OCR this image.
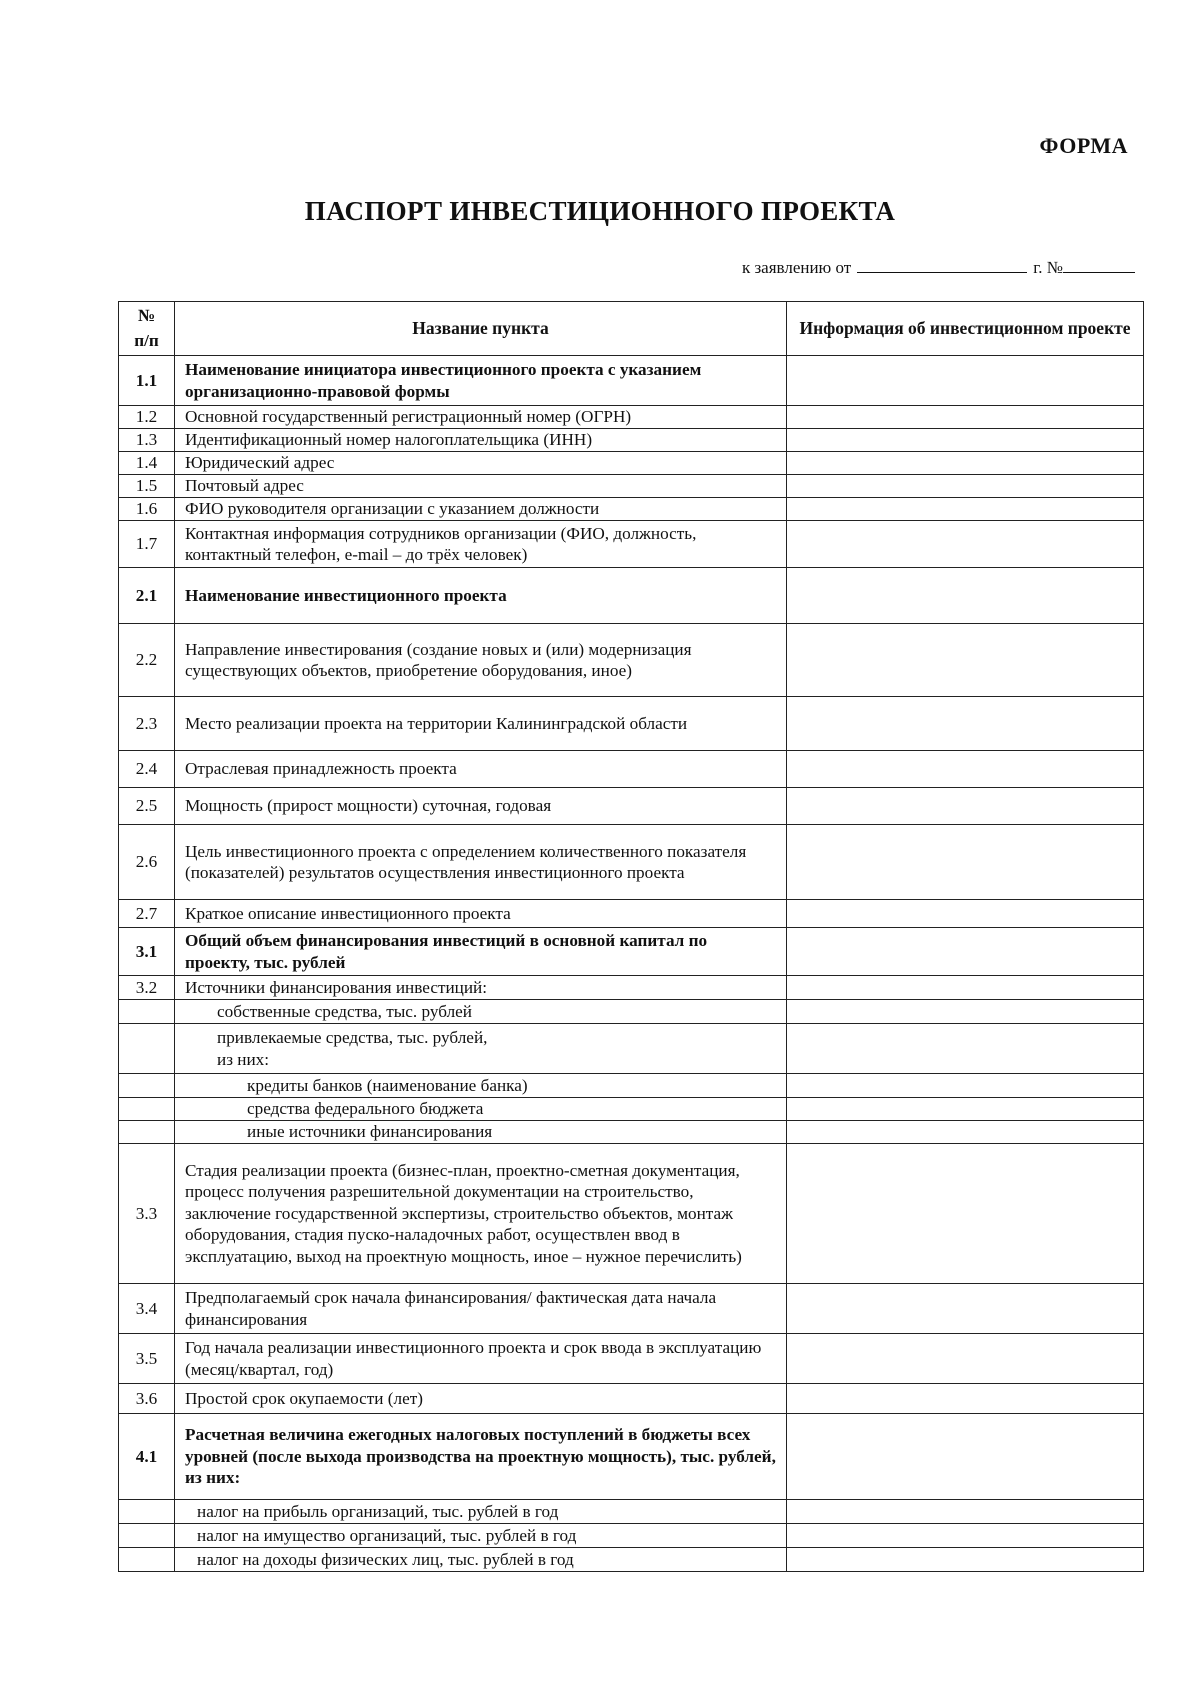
ФОРМА
ПАСПОРТ ИНВЕСТИЦИОННОГО ПРОЕКТА
к заявлению от	г. №
№
п/п	Название пункта	Информация об инвестиционном проекте
1.1	Наименование инициатора инвестиционного проекта с указанием организационно-правовой формы	
1.2	Основной государственный регистрационный номер (ОГРН)	
1.3	Идентификационный номер налогоплательщика (ИНН)	
1.4	Юридический адрес	
1.5	Почтовый адрес	
1.6	ФИО руководителя организации с указанием должности	
1.7	Контактная информация сотрудников организации (ФИО, должность, контактный телефон, e-mail – до трёх человек)	
2.1	Наименование инвестиционного проекта	
2.2	Направление инвестирования (создание новых и (или) модернизация существующих объектов, приобретение оборудования, иное)	
2.3	Место реализации проекта на территории Калининградской области	
2.4	Отраслевая принадлежность проекта	
2.5	Мощность (прирост мощности) суточная, годовая	
2.6	Цель инвестиционного проекта с определением количественного показателя (показателей) результатов осуществления инвестиционного проекта	
2.7	Краткое описание инвестиционного проекта	
3.1	Общий объем финансирования инвестиций в основной капитал по проекту, тыс. рублей	
3.2	Источники финансирования инвестиций:	
	собственные средства, тыс. рублей	
	привлекаемые средства, тыс. рублей,
из них:	
	кредиты банков (наименование банка)	
	средства федерального бюджета	
	иные источники финансирования	
3.3	Стадия реализации проекта (бизнес-план, проектно-сметная документация, процесс получения разрешительной документации на строительство, заключение государственной экспертизы, строительство объектов, монтаж оборудования, стадия пуско-наладочных работ, осуществлен ввод в эксплуатацию, выход на проектную мощность, иное – нужное перечислить)	
3.4	Предполагаемый срок начала финансирования/ фактическая дата начала финансирования	
3.5	Год начала реализации инвестиционного проекта и срок ввода в эксплуатацию (месяц/квартал, год)	
3.6	Простой срок окупаемости (лет)	
4.1	Расчетная величина ежегодных налоговых поступлений в бюджеты всех уровней (после выхода производства на проектную мощность), тыс. рублей, из них:	
	налог на прибыль организаций, тыс. рублей в год	
	налог на имущество организаций, тыс. рублей в год	
	налог на доходы физических лиц, тыс. рублей в год	
